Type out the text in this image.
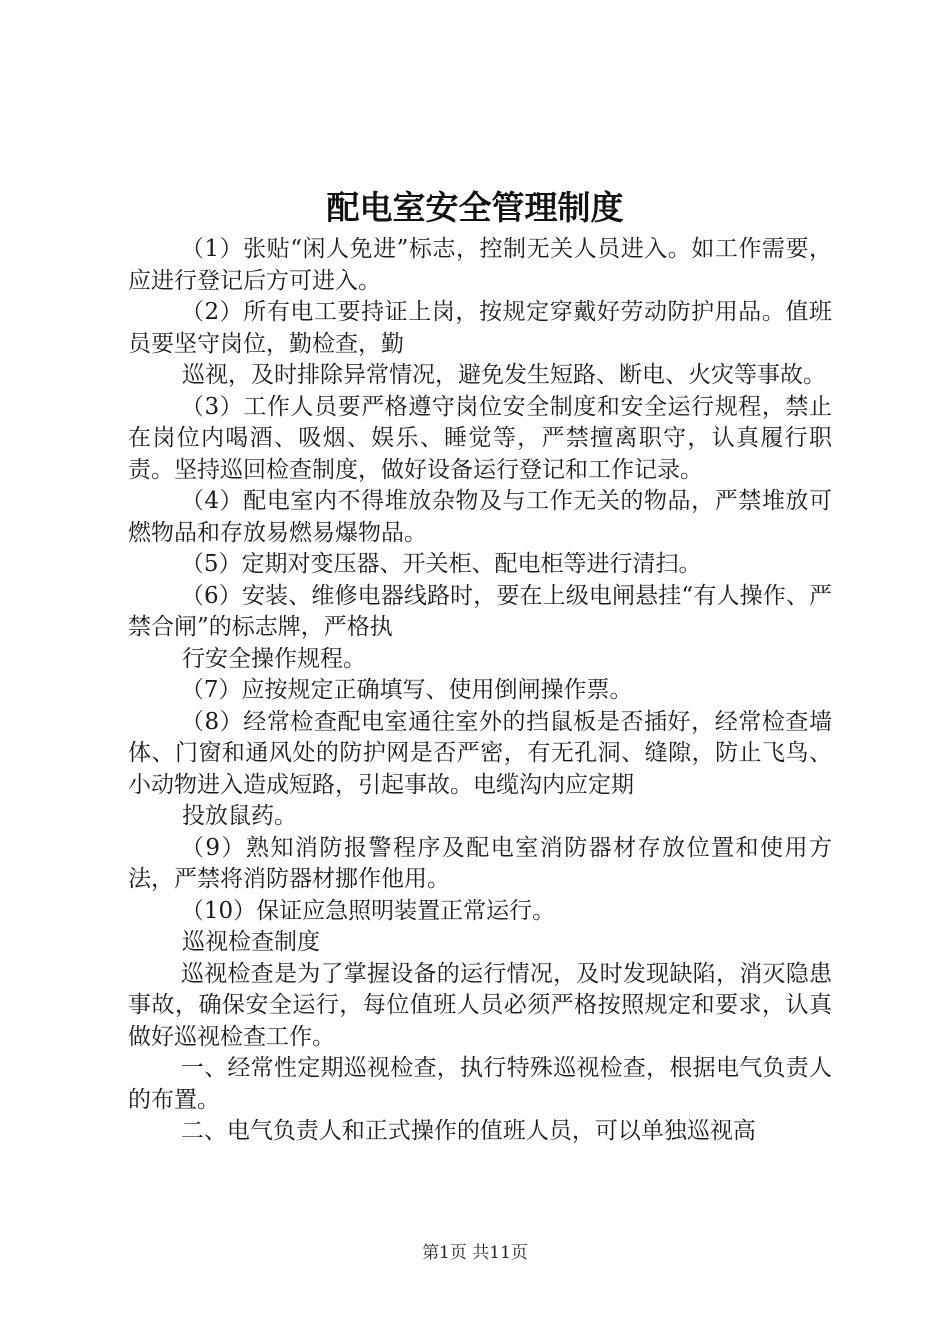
配电室安全管理制度

（1）张贴“闲人免进”标志，控制无关人员进入。如工作需要，应进行登记后方可进入。

（2）所有电工要持证上岗，按规定穿戴好劳动防护用品。值班员要坚守岗位，勤检查，勤

巡视，及时排除异常情况，避免发生短路、断电、火灾等事故。

（3）工作人员要严格遵守岗位安全制度和安全运行规程，禁止在岗位内喝酒、吸烟、娱乐、睡觉等，严禁擅离职守，认真履行职责。坚持巡回检查制度，做好设备运行登记和工作记录。

（4）配电室内不得堆放杂物及与工作无关的物品，严禁堆放可燃物品和存放易燃易爆物品。

（5）定期对变压器、开关柜、配电柜等进行清扫。

（6）安装、维修电器线路时，要在上级电闸悬挂“有人操作、严禁合闸”的标志牌，严格执

行安全操作规程。

（7）应按规定正确填写、使用倒闸操作票。

（8）经常检查配电室通往室外的挡鼠板是否插好，经常检查墙体、门窗和通风处的防护网是否严密，有无孔洞、缝隙，防止飞鸟、小动物进入造成短路，引起事故。电缆沟内应定期

投放鼠药。

（9）熟知消防报警程序及配电室消防器材存放位置和使用方法，严禁将消防器材挪作他用。

（10）保证应急照明装置正常运行。

巡视检查制度

巡视检查是为了掌握设备的运行情况，及时发现缺陷，消灭隐患事故，确保安全运行，每位值班人员必须严格按照规定和要求，认真做好巡视检查工作。

一、经常性定期巡视检查，执行特殊巡视检查，根据电气负责人的布置。

二、电气负责人和正式操作的值班人员，可以单独巡视高

第1页 共11页
